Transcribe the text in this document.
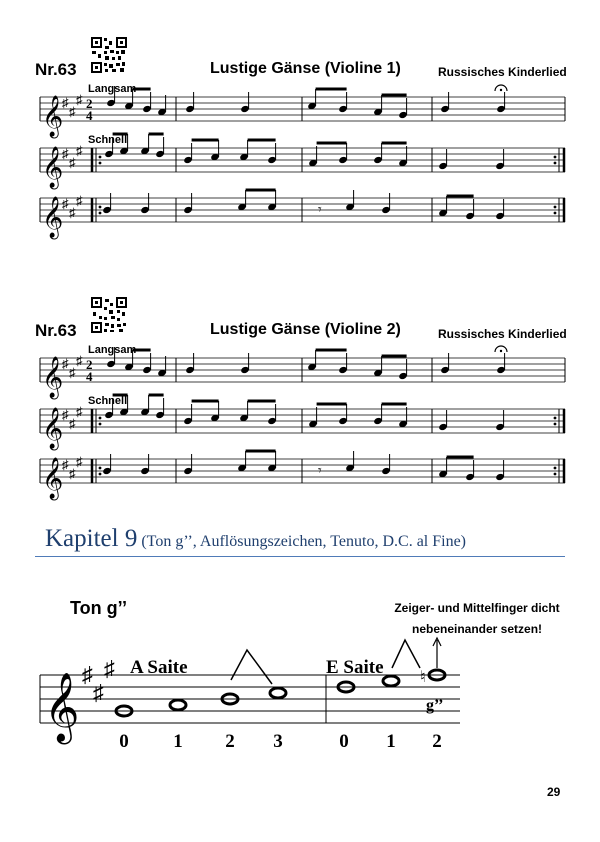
Nr.63	Lustige Gänse (Violine 1)	Russisches Kinderlied
Langsam
Schnell
𝄞
♯
♯
♯ 2
4
𝄞
♯
♯
♯
𝄞
♯
♯
♯
𝄾
Nr.63	Lustige Gänse (Violine 2)	Russisches Kinderlied
Langsam
Schnell
𝄞
♯
♯
♯ 2
4
𝄞
♯
♯
♯
𝄞
♯
♯
♯
𝄾
Kapitel 9 (Ton g’’, Auflösungszeichen, Tenuto, D.C. al Fine)
Ton g’’	Zeiger- und Mittelfinger dicht nebeneinander setzen!
𝄞 ♯
♯
♯ A Saite	E Saite ♮
g’’
0 1 2 3	0 1 2
29
